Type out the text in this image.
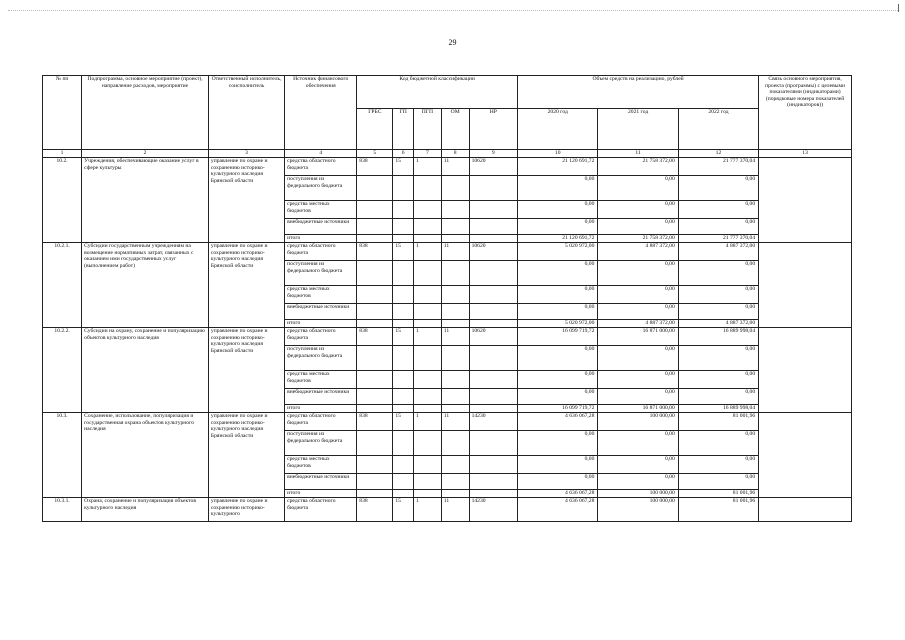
29
№ пп	Подпрограмма, основное мероприятие (проект), направление расходов, мероприятие	Ответственный исполнитель, соисполнитель	Источник финансового обеспечения	Код бюджетной классификации					Объем средств на реализацию, рублей			Связь основного мероприятия, проекта (программы) с целевыми показателями (индикаторами) (порядковые номера показателей (индикаторов))
				ГРБС	ГП	ПГП	ОМ	НР	2020 год	2021 год	2022 год	
1	2	3	4	5	6	7	8	9	10	11	12	13
10.2.	Учреждения, обеспечивающие оказание услуг в сфере культуры	управление по охране и сохранению историко-культурного наследия Брянской области	средства областного бюджета	838	15	1	11	10620	21 120 691,72	21 758 372,00	21 777 370,04	
			поступления из федерального бюджета						0,00	0,00	0,00	
			средства местных бюджетов						0,00	0,00	0,00	
			внебюджетные источники						0,00	0,00	0,00	
			итого						21 120 691,72	21 758 372,00	21 777 370,04	
10.2.1.	Субсидии государственным учреждениям на возмещение нормативных затрат, связанных с оказанием ими государственных услуг (выполнением работ)	управление по охране и сохранению историко-культурного наследия Брянской области	средства областного бюджета	838	15	1	11	10620	5 020 972,00	4 887 372,00	4 887 372,00	
			поступления из федерального бюджета						0,00	0,00	0,00	
			средства местных бюджетов						0,00	0,00	0,00	
			внебюджетные источники						0,00	0,00	0,00	
			итого						5 020 972,00	4 887 372,00	4 887 372,00	
10.2.2.	Субсидии на охрану, сохранение и популяризацию объектов культурного наследия	управление по охране и сохранению историко-культурного наследия Брянской области	средства областного бюджета	838	15	1	11	10620	16 099 719,72	16 871 000,00	16 889 998,04	
			поступления из федерального бюджета						0,00	0,00	0,00	
			средства местных бюджетов						0,00	0,00	0,00	
			внебюджетные источники						0,00	0,00	0,00	
			итого						16 099 719,72	16 871 000,00	16 889 998,04	
10.3.	Сохранение, использование, популяризация и государственная охрана объектов культурного наследия	управление по охране и сохранению историко-культурного наследия Брянской области	средства областного бюджета	838	15	1	11	14230	4 636 067,28	100 000,00	81 001,96	
			поступления из федерального бюджета						0,00	0,00	0,00	
			средства местных бюджетов						0,00	0,00	0,00	
			внебюджетные источники						0,00	0,00	0,00	
			итого						4 636 067,28	100 000,00	81 001,96	
10.3.1.	Охрана, сохранение и популяризация объектов культурного наследия	управление по охране и сохранению историко-культурного	средства областного бюджета	838	15	1	11	14230	4 636 067,28	100 000,00	81 001,96	
